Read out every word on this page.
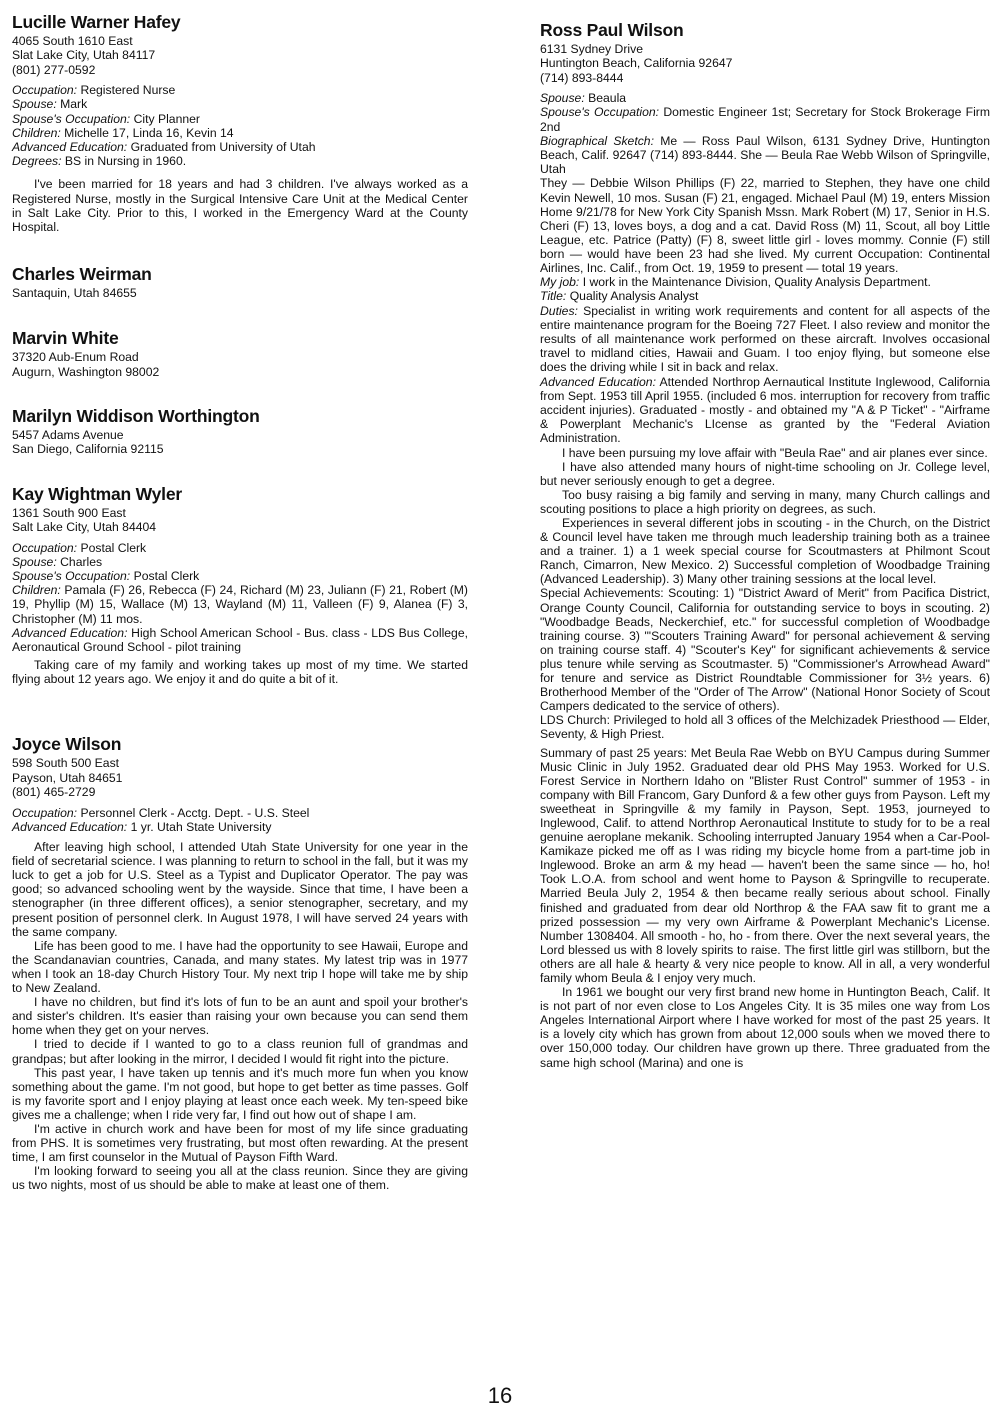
Lucille Warner Hafey
4065 South 1610 East
Slat Lake City, Utah 84117
(801) 277-0592
Occupation: Registered Nurse
Spouse: Mark
Spouse's Occupation: City Planner
Children: Michelle 17, Linda 16, Kevin 14
Advanced Education: Graduated from University of Utah
Degrees: BS in Nursing in 1960.

I've been married for 18 years and had 3 children. I've always worked as a Registered Nurse, mostly in the Surgical Intensive Care Unit at the Medical Center in Salt Lake City. Prior to this, I worked in the Emergency Ward at the County Hospital.

Charles Weirman
Santaquin, Utah 84655
Marvin White
37320 Aub-Enum Road
Augurn, Washington 98002
Marilyn Widdison Worthington
5457 Adams Avenue
San Diego, California 92115
Kay Wightman Wyler
1361 South 900 East
Salt Lake City, Utah 84404
Occupation: Postal Clerk
Spouse: Charles
Spouse's Occupation: Postal Clerk
Children: Pamala (F) 26, Rebecca (F) 24, Richard (M) 23, Juliann (F) 21, Robert (M) 19, Phyllip (M) 15, Wallace (M) 13, Wayland (M) 11, Valleen (F) 9, Alanea (F) 3, Christopher (M) 11 mos.
Advanced Education: High School American School - Bus. class - LDS Bus College, Aeronautical Ground School - pilot training

Taking care of my family and working takes up most of my time. We started flying about 12 years ago. We enjoy it and do quite a bit of it.

Joyce Wilson
598 South 500 East
Payson, Utah 84651
(801) 465-2729
Occupation: Personnel Clerk - Acctg. Dept. - U.S. Steel
Advanced Education: 1 yr. Utah State University

After leaving high school, I attended Utah State University for one year in the field of secretarial science. I was planning to return to school in the fall, but it was my luck to get a job for U.S. Steel as a Typist and Duplicator Operator. The pay was good; so advanced schooling went by the wayside. Since that time, I have been a stenographer (in three different offices), a senior stenographer, secretary, and my present position of personnel clerk. In August 1978, I will have served 24 years with the same company.

Life has been good to me. I have had the opportunity to see Hawaii, Europe and the Scandanavian countries, Canada, and many states. My latest trip was in 1977 when I took an 18-day Church History Tour. My next trip I hope will take me by ship to New Zealand.

I have no children, but find it's lots of fun to be an aunt and spoil your brother's and sister's children. It's easier than raising your own because you can send them home when they get on your nerves.

I tried to decide if I wanted to go to a class reunion full of grandmas and grandpas; but after looking in the mirror, I decided I would fit right into the picture.

This past year, I have taken up tennis and it's much more fun when you know something about the game. I'm not good, but hope to get better as time passes. Golf is my favorite sport and I enjoy playing at least once each week. My ten-speed bike gives me a challenge; when I ride very far, I find out how out of shape I am.

I'm active in church work and have been for most of my life since graduating from PHS. It is sometimes very frustrating, but most often rewarding. At the present time, I am first counselor in the Mutual of Payson Fifth Ward.

I'm looking forward to seeing you all at the class reunion. Since they are giving us two nights, most of us should be able to make at least one of them.

Ross Paul Wilson
6131 Sydney Drive
Huntington Beach, California 92647
(714) 893-8444
Spouse: Beaula
Spouse's Occupation: Domestic Engineer 1st; Secretary for Stock Brokerage Firm 2nd
Biographical Sketch: Me — Ross Paul Wilson, 6131 Sydney Drive, Huntington Beach, Calif. 92647 (714) 893-8444. She — Beula Rae Webb Wilson of Springville, Utah

They — Debbie Wilson Phillips (F) 22, married to Stephen, they have one child Kevin Newell, 10 mos. Susan (F) 21, engaged. Michael Paul (M) 19, enters Mission Home 9/21/78 for New York City Spanish Mssn. Mark Robert (M) 17, Senior in H.S. Cheri (F) 13, loves boys, a dog and a cat. David Ross (M) 11, Scout, all boy Little League, etc. Patrice (Patty) (F) 8, sweet little girl - loves mommy. Connie (F) still born — would have been 23 had she lived. My current Occupation: Continental Airlines, Inc. Calif., from Oct. 19, 1959 to present — total 19 years.

My job: I work in the Maintenance Division, Quality Analysis Department.
Title: Quality Analysis Analyst
Duties: Specialist in writing work requirements and content for all aspects of the entire maintenance program for the Boeing 727 Fleet. I also review and monitor the results of all maintenance work performed on these aircraft. Involves occasional travel to midland cities, Hawaii and Guam. I too enjoy flying, but someone else does the driving while I sit in back and relax.
Advanced Education: Attended Northrop Aernautical Institute Inglewood, California from Sept. 1953 till April 1955. (included 6 mos. interruption for recovery from traffic accident injuries). Graduated - mostly - and obtained my "A & P Ticket" - "Airframe & Powerplant Mechanic's LIcense as granted by the "Federal Aviation Administration.

I have been pursuing my love affair with "Beula Rae" and air planes ever since.

I have also attended many hours of night-time schooling on Jr. College level, but never seriously enough to get a degree.

Too busy raising a big family and serving in many, many Church callings and scouting positions to place a high priority on degrees, as such.

Experiences in several different jobs in scouting - in the Church, on the District & Council level have taken me through much leadership training both as a trainee and a trainer. 1) a 1 week special course for Scoutmasters at Philmont Scout Ranch, Cimarron, New Mexico. 2) Successful completion of Woodbadge Training (Advanced Leadership). 3) Many other training sessions at the local level.

Special Achievements: Scouting: 1) "District Award of Merit" from Pacifica District, Orange County Council, California for outstanding service to boys in scouting. 2) "Woodbadge Beads, Neckerchief, etc." for successful completion of Woodbadge training course. 3) "'Scouters Training Award" for personal achievement & serving on training course staff. 4) "Scouter's Key" for significant achievements & service plus tenure while serving as Scoutmaster. 5) "Commissioner's Arrowhead Award" for tenure and service as District Roundtable Commissioner for 3½ years. 6) Brotherhood Member of the "Order of The Arrow" (National Honor Society of Scout Campers dedicated to the service of others).

LDS Church: Privileged to hold all 3 offices of the Melchizadek Priesthood — Elder, Seventy, & High Priest.

Summary of past 25 years: Met Beula Rae Webb on BYU Campus during Summer Music Clinic in July 1952. Graduated dear old PHS May 1953. Worked for U.S. Forest Service in Northern Idaho on "Blister Rust Control" summer of 1953 - in company with Bill Francom, Gary Dunford & a few other guys from Payson. Left my sweetheat in Springville & my family in Payson, Sept. 1953, journeyed to Inglewood, Calif. to attend Northrop Aeronautical Institute to study for to be a real genuine aeroplane mekanik. Schooling interrupted January 1954 when a Car-Pool-Kamikaze picked me off as I was riding my bicycle home from a part-time job in Inglewood. Broke an arm & my head — haven't been the same since — ho, ho! Took L.O.A. from school and went home to Payson & Springville to recuperate. Married Beula July 2, 1954 & then became really serious about school. Finally finished and graduated from dear old Northrop & the FAA saw fit to grant me a prized possession — my very own Airframe & Powerplant Mechanic's License. Number 1308404. All smooth - ho, ho - from there. Over the next several years, the Lord blessed us with 8 lovely spirits to raise. The first little girl was stillborn, but the others are all hale & hearty & very nice people to know. All in all, a very wonderful family whom Beula & I enjoy very much.

In 1961 we bought our very first brand new home in Huntington Beach, Calif. It is not part of nor even close to Los Angeles City. It is 35 miles one way from Los Angeles International Airport where I have worked for most of the past 25 years. It is a lovely city which has grown from about 12,000 souls when we moved there to over 150,000 today. Our children have grown up there. Three graduated from the same high school (Marina) and one is

16
